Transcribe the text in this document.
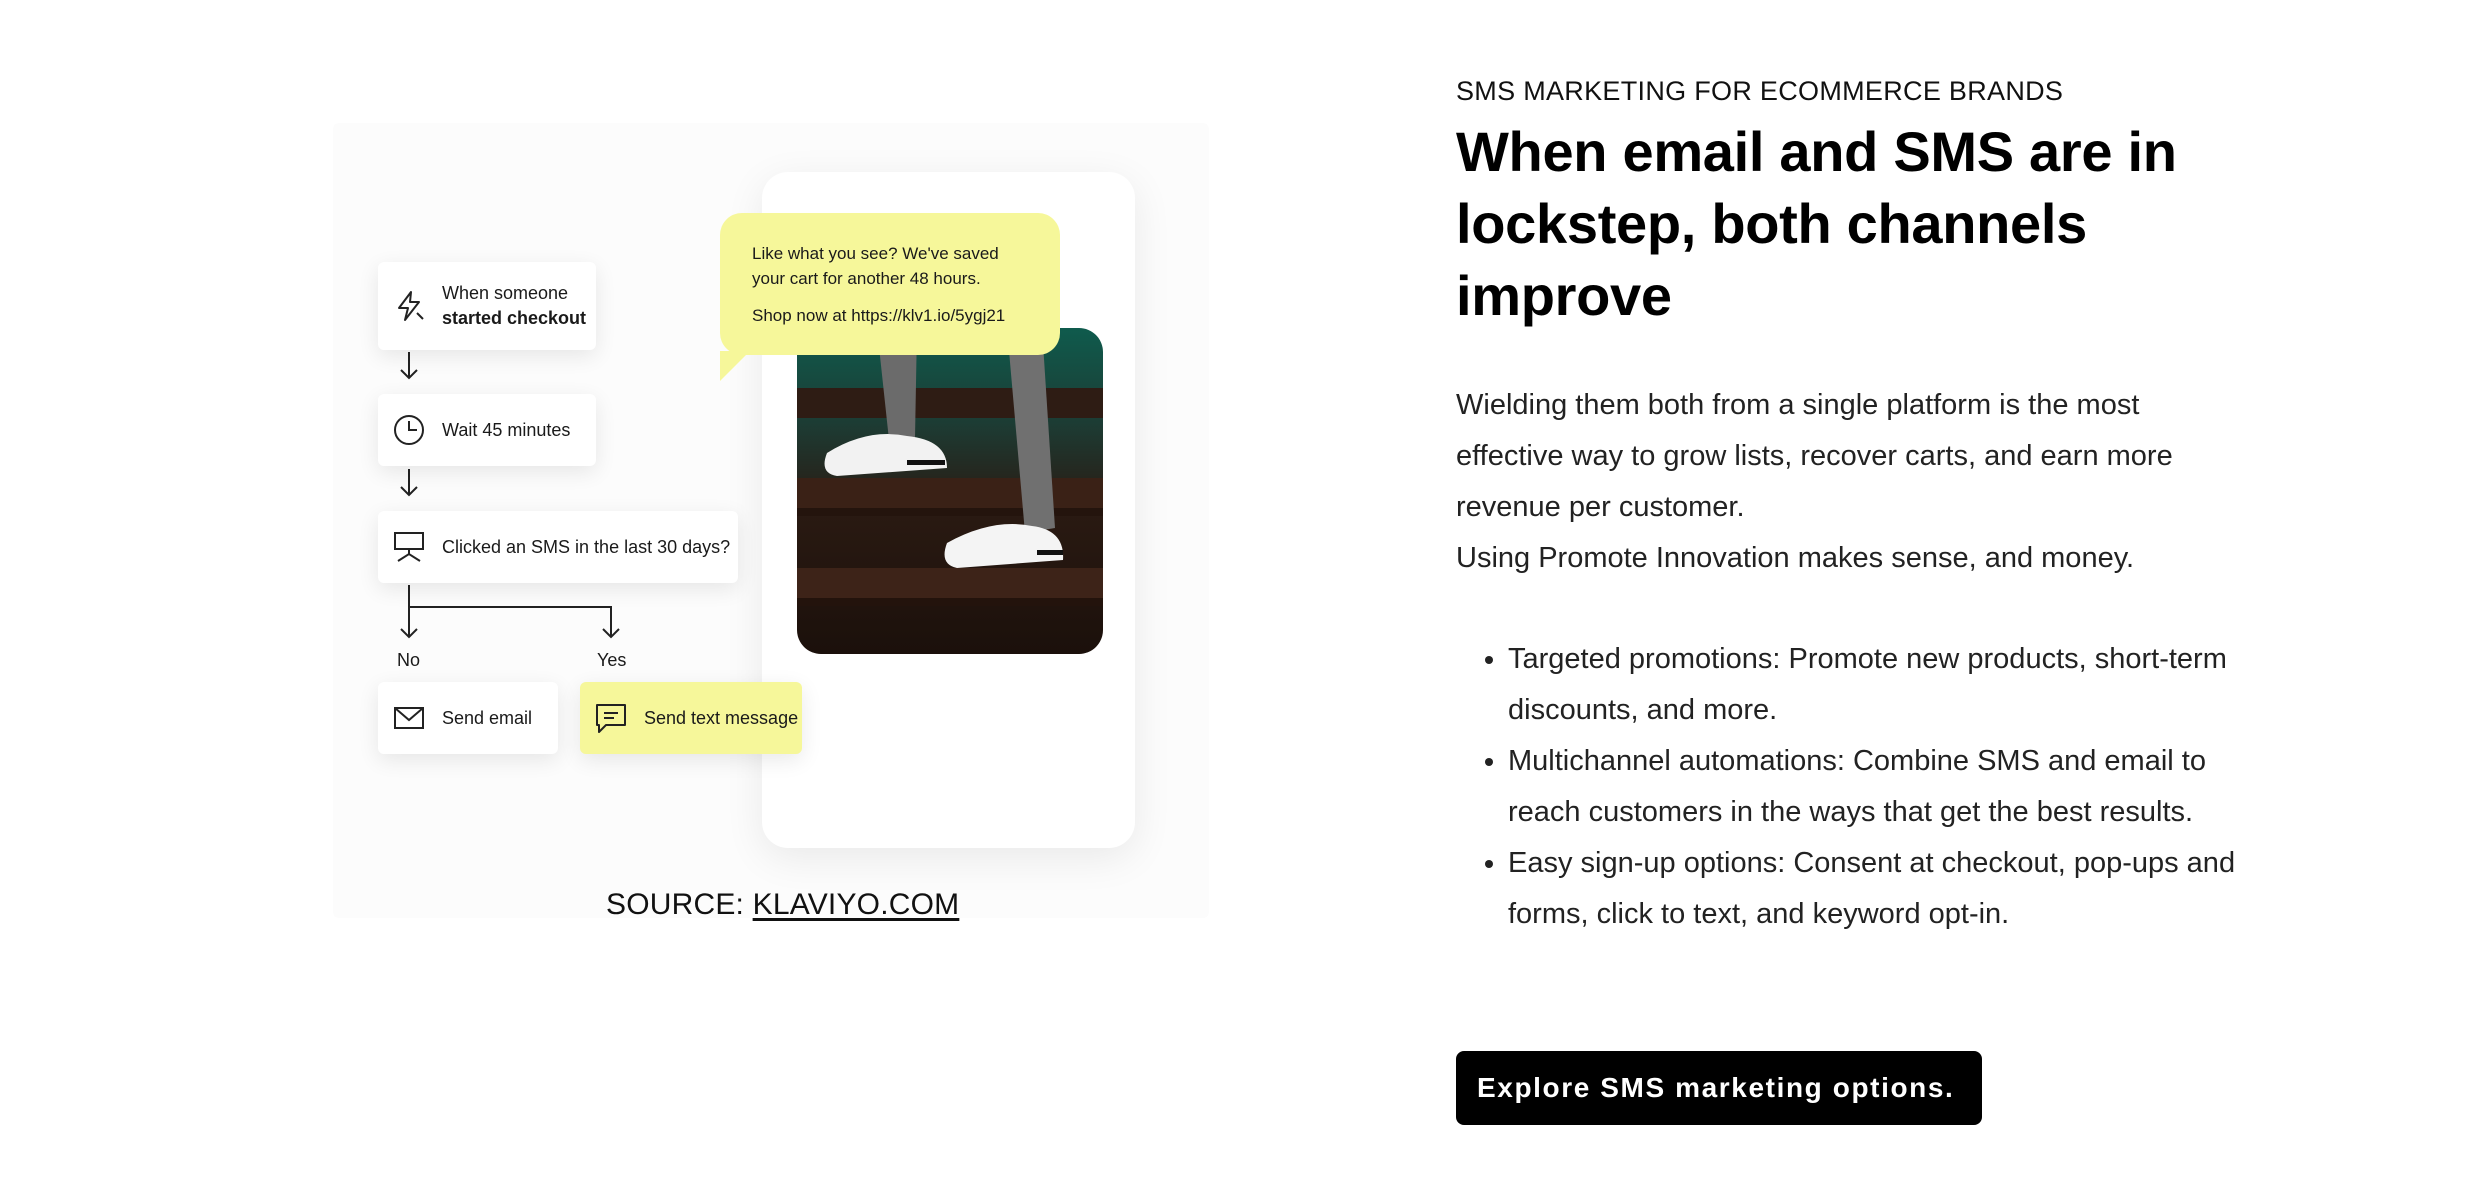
Like what you see? We've saved your cart for another 48 hours.

Shop now at https://klv1.io/5ygj21

When someone
started checkout
Wait 45 minutes
Clicked an SMS in the last 30 days?
No	Yes
Send email	Send text message
SOURCE: KLAVIYO.COM
SMS MARKETING FOR ECOMMERCE BRANDS
When email and SMS are in lockstep, both channels improve

Wielding them both from a single platform is the most effective way to grow lists, recover carts, and earn more revenue per customer.
Using Promote Innovation makes sense, and money.

• Targeted promotions: Promote new products, short-term discounts, and more.
• Multichannel automations: Combine SMS and email to reach customers in the ways that get the best results.
• Easy sign-up options: Consent at checkout, pop-ups and forms, click to text, and keyword opt-in.
Explore SMS marketing options.
